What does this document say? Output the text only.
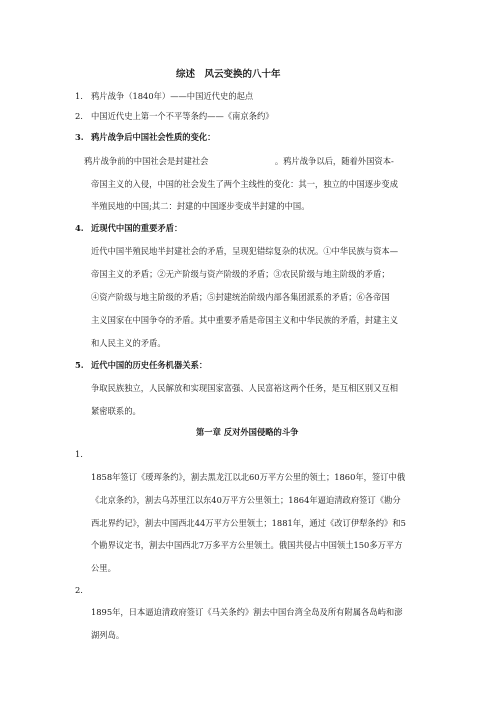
综述　风云变换的八十年
1. 鸦片战争（1840年）——中国近代史的起点
2. 中国近代史上第一个不平等条约——《南京条约》
3. 鸦片战争后中国社会性质的变化：
鸦片战争前的中国社会是封建社会　　　　　　　　。鸦片战争以后，随着外国资本-
帝国主义的入侵，中国的社会发生了两个主线性的变化：其一，独立的中国逐步变成
半殖民地的中国;其二：封建的中国逐步变成半封建的中国。
4. 近现代中国的重要矛盾：
近代中国半殖民地半封建社会的矛盾，呈现犯错综复杂的状况。①中华民族与资本—
帝国主义的矛盾；②无产阶级与资产阶级的矛盾；③农民阶级与地主阶级的矛盾；
④资产阶级与地主阶级的矛盾；⑤封建统治阶级内部各集团派系的矛盾；⑥各帝国
主义国家在中国争夺的矛盾。其中重要矛盾是帝国主义和中华民族的矛盾，封建主义
和人民主义的矛盾。
5. 近代中国的历史任务机器关系：
争取民族独立，人民解放和实现国家富强、人民富裕这两个任务，是互相区别又互相
紧密联系的。
第一章 反对外国侵略的斗争
1.
1858年签订《瑷珲条约》，割去黑龙江以北60万平方公里的领土；1860年，签订中俄
《北京条约》，割去乌苏里江以东40万平方公里领土；1864年逼迫清政府签订《勘分
西北界约记》，割去中国西北44万平方公里领土；1881年，通过《改订伊犁条约》和5
个勘界议定书，割去中国西北7万多平方公里领土。俄国共侵占中国领土150多万平方
公里。
2.
1895年，日本逼迫清政府签订《马关条约》割去中国台湾全岛及所有附属各岛屿和澎
湖列岛。
